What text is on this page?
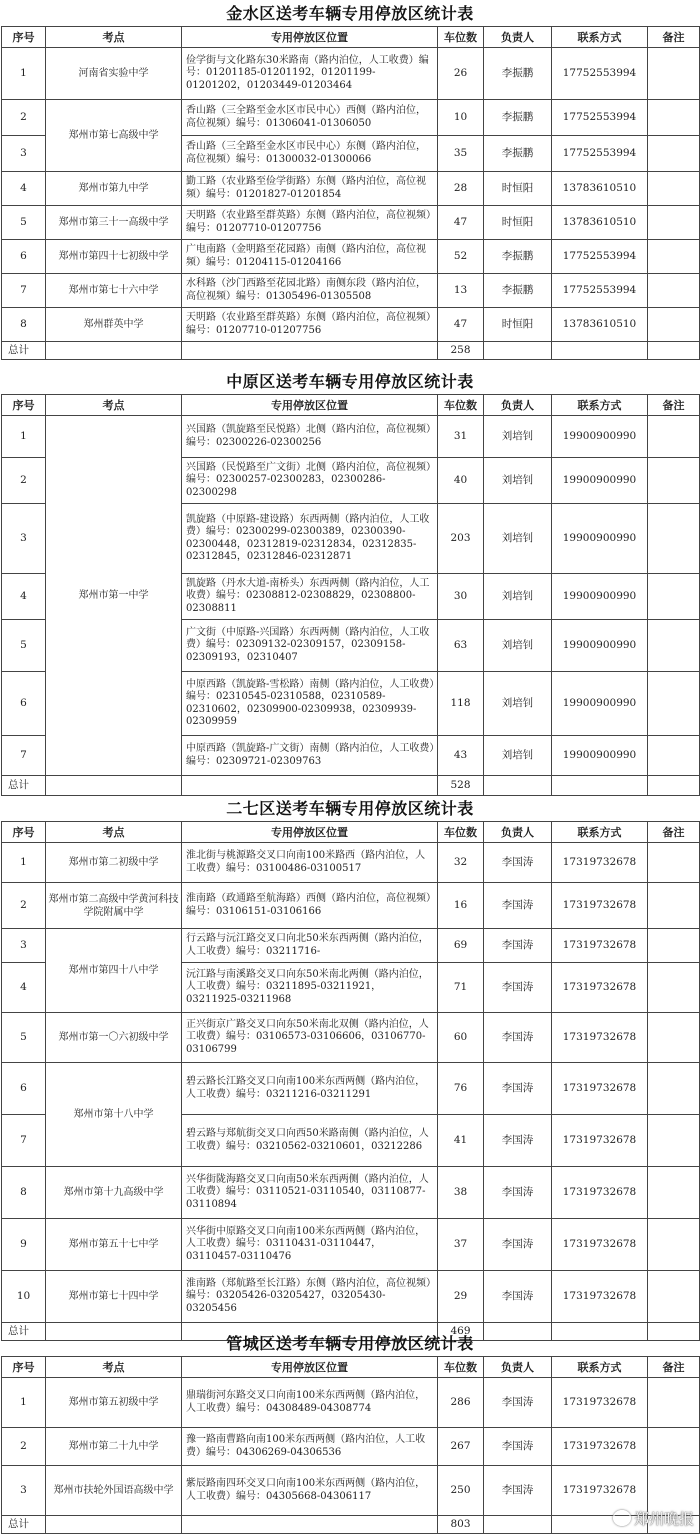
金水区送考车辆专用停放区统计表
序号	考点	专用停放区位置	车位数	负责人	联系方式	备注
1	河南省实验中学	俭学街与文化路东30米路南（路内泊位，人工收费）编号：01201185-01201192，01201199-01201202，01203449-01203464	26	李振鹏	17752553994	
2	郑州市第七高级中学	香山路（三全路至金水区市民中心）西侧（路内泊位，高位视频）编号：01306041-01306050	10	李振鹏	17752553994	
3		香山路（三全路至金水区市民中心）东侧（路内泊位，高位视频）编号：01300032-01300066	35	李振鹏	17752553994	
4	郑州市第九中学	勤工路（农业路至俭学街路）东侧（路内泊位，高位视频）编号：01201827-01201854	28	时恒阳	13783610510	
5	郑州市第三十一高级中学	天明路（农业路至群英路）东侧（路内泊位，高位视频）编号：01207710-01207756	47	时恒阳	13783610510	
6	郑州市第四十七初级中学	广电南路（金明路至花园路）南侧（路内泊位，高位视频）编号：01204115-01204166	52	李振鹏	17752553994	
7	郑州市第七十六中学	水科路（沙门西路至花园北路）南侧东段（路内泊位，高位视频）编号：01305496-01305508	13	李振鹏	17752553994	
8	郑州群英中学	天明路（农业路至群英路）东侧（路内泊位，高位视频）编号：01207710-01207756	47	时恒阳	13783610510	
总计			258			
中原区送考车辆专用停放区统计表
序号	考点	专用停放区位置	车位数	负责人	联系方式	备注
1	郑州市第一中学	兴国路（凯旋路至民悦路）北侧（路内泊位，高位视频）编号：02300226-02300256	31	刘培钊	19900900990	
2		兴国路（民悦路至广文街）北侧（路内泊位，高位视频）编号：02300257-02300283，02300286-02300298	40	刘培钊	19900900990	
3		凯旋路（中原路-建设路）东西两侧（路内泊位，人工收费）编号：02300299-02300389，02300390-02300448，02312819-02312834，02312835-02312845，02312846-02312871	203	刘培钊	19900900990	
4		凯旋路（丹水大道-南桥头）东西两侧（路内泊位，人工收费）编号：02308812-02308829，02308800-02308811	30	刘培钊	19900900990	
5		广文街（中原路-兴国路）东西两侧（路内泊位，人工收费）编号：02309132-02309157，02309158-02309193，02310407	63	刘培钊	19900900990	
6		中原西路（凯旋路-雪松路）南侧（路内泊位，人工收费）编号：02310545-02310588，02310589-02310602，02309900-02309938，02309939-02309959	118	刘培钊	19900900990	
7		中原西路（凯旋路-广文街）南侧（路内泊位，人工收费）编号：02309721-02309763	43	刘培钊	19900900990	
总计			528			
二七区送考车辆专用停放区统计表
序号	考点	专用停放区位置	车位数	负责人	联系方式	备注
1	郑州市第二初级中学	淮北街与桃源路交叉口向南100米路西（路内泊位，人工收费）编号：03100486-03100517	32	李国涛	17319732678	
2	郑州市第二高级中学黄河科技学院附属中学	淮南路（政通路至航海路）西侧（路内泊位，高位视频）编号：03106151-03106166	16	李国涛	17319732678	
3	郑州市第四十八中学	行云路与沅江路交叉口向北50米东西两侧（路内泊位，人工收费）编号：03211716-	69	李国涛	17319732678	
4		沅江路与南溪路交叉口向东50米南北两侧（路内泊位，人工收费）编号：03211895-03211921，03211925-03211968	71	李国涛	17319732678	
5	郑州市第一〇六初级中学	正兴街京广路交叉口向东50米南北双侧（路内泊位，人工收费）编号：03106573-03106606，03106770-03106799	60	李国涛	17319732678	
6	郑州市第十八中学	碧云路长江路交叉口向南100米东西两侧（路内泊位，人工收费）编号：03211216-03211291	76	李国涛	17319732678	
7		碧云路与郑航街交叉口向西50米路南侧（路内泊位，人工收费）编号：03210562-03210601，03212286	41	李国涛	17319732678	
8	郑州市第十九高级中学	兴华街陇海路交叉口向南50米东西两侧（路内泊位，人工收费）编号：03110521-03110540，03110877-03110894	38	李国涛	17319732678	
9	郑州市第五十七中学	兴华街中原路交叉口向南100米东西两侧（路内泊位，人工收费）编号：03110431-03110447，03110457-03110476	37	李国涛	17319732678	
10	郑州市第七十四中学	淮南路（郑航路至长江路）东侧（路内泊位，高位视频）编号：03205426-03205427，03205430-03205456	29	李国涛	17319732678	
总计			469			
管城区送考车辆专用停放区统计表
序号	考点	专用停放区位置	车位数	负责人	联系方式	备注
1	郑州市第五初级中学	鼎瑞街河东路交叉口向南100米东西两侧（路内泊位，人工收费）编号：04308489-04308774	286	李国涛	17319732678	
2	郑州市第二十九中学	豫一路南曹路向南100米东西两侧（路内泊位，人工收费）编号：04306269-04306536	267	李国涛	17319732678	
3	郑州市扶轮外国语高级中学	紫辰路南四环交叉口向南100米东西两侧（路内泊位，人工收费）编号：04305668-04306117	250	李国涛	17319732678	
总计			803				郑州晚报
